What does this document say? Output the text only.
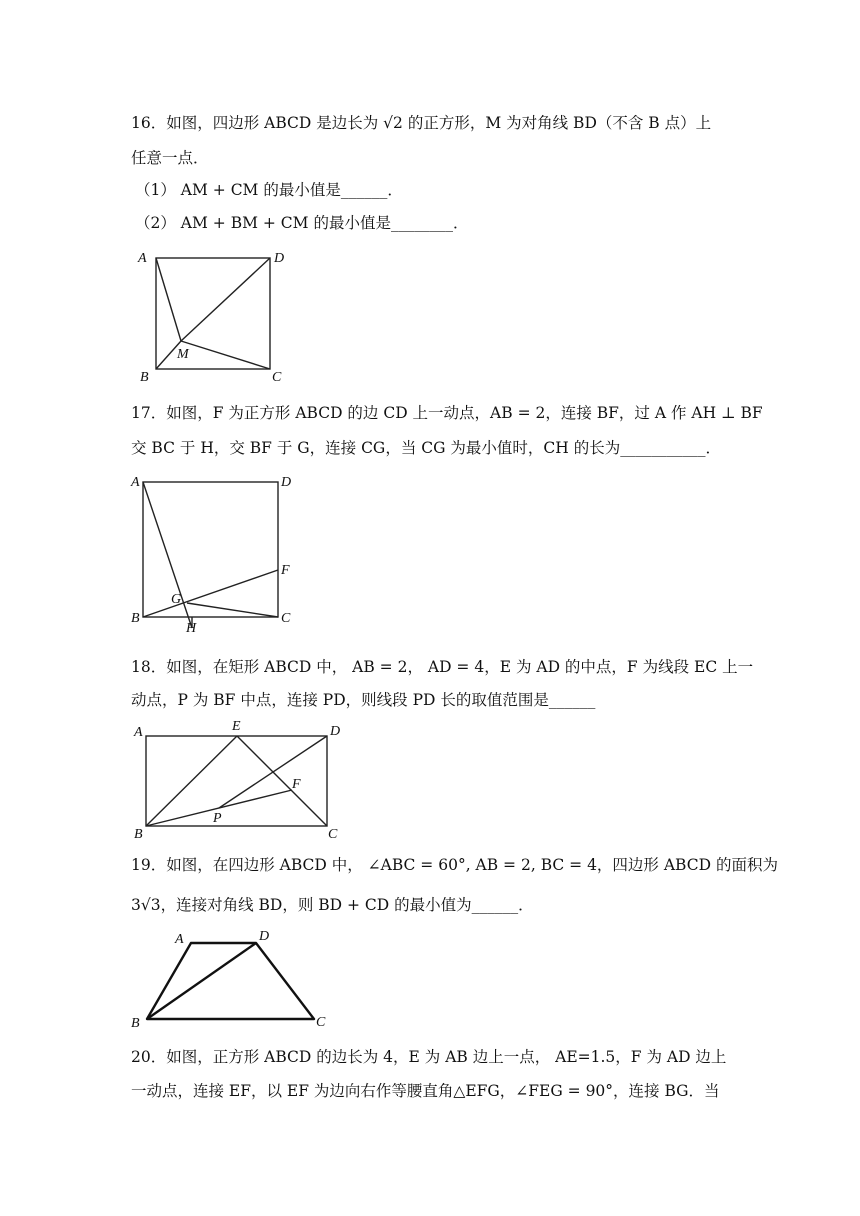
16．如图，四边形 ABCD 是边长为 √2 的正方形，M 为对角线 BD（不含 B 点）上
任意一点．
（1） AM + CM 的最小值是______．
（2） AM + BM + CM 的最小值是________．
A	D
B	C
M
17．如图，F 为正方形 ABCD 的边 CD 上一动点，AB = 2，连接 BF，过 A 作 AH ⊥ BF
交 BC 于 H，交 BF 于 G，连接 CG，当 CG 为最小值时，CH 的长为___________．
A	D
F
G
B	C
H
18．如图，在矩形 ABCD 中， AB = 2， AD = 4，E 为 AD 的中点，F 为线段 EC 上一
动点，P 为 BF 中点，连接 PD，则线段 PD 长的取值范围是______
A	E	D
F
P
B	C
19．如图，在四边形 ABCD 中， ∠ABC = 60°, AB = 2, BC = 4，四边形 ABCD 的面积为
3√3，连接对角线 BD，则 BD + CD 的最小值为______．
A	D
B	C
20．如图，正方形 ABCD 的边长为 4，E 为 AB 边上一点， AE=1.5，F 为 AD 边上
一动点，连接 EF，以 EF 为边向右作等腰直角△EFG，∠FEG = 90°，连接 BG．当
